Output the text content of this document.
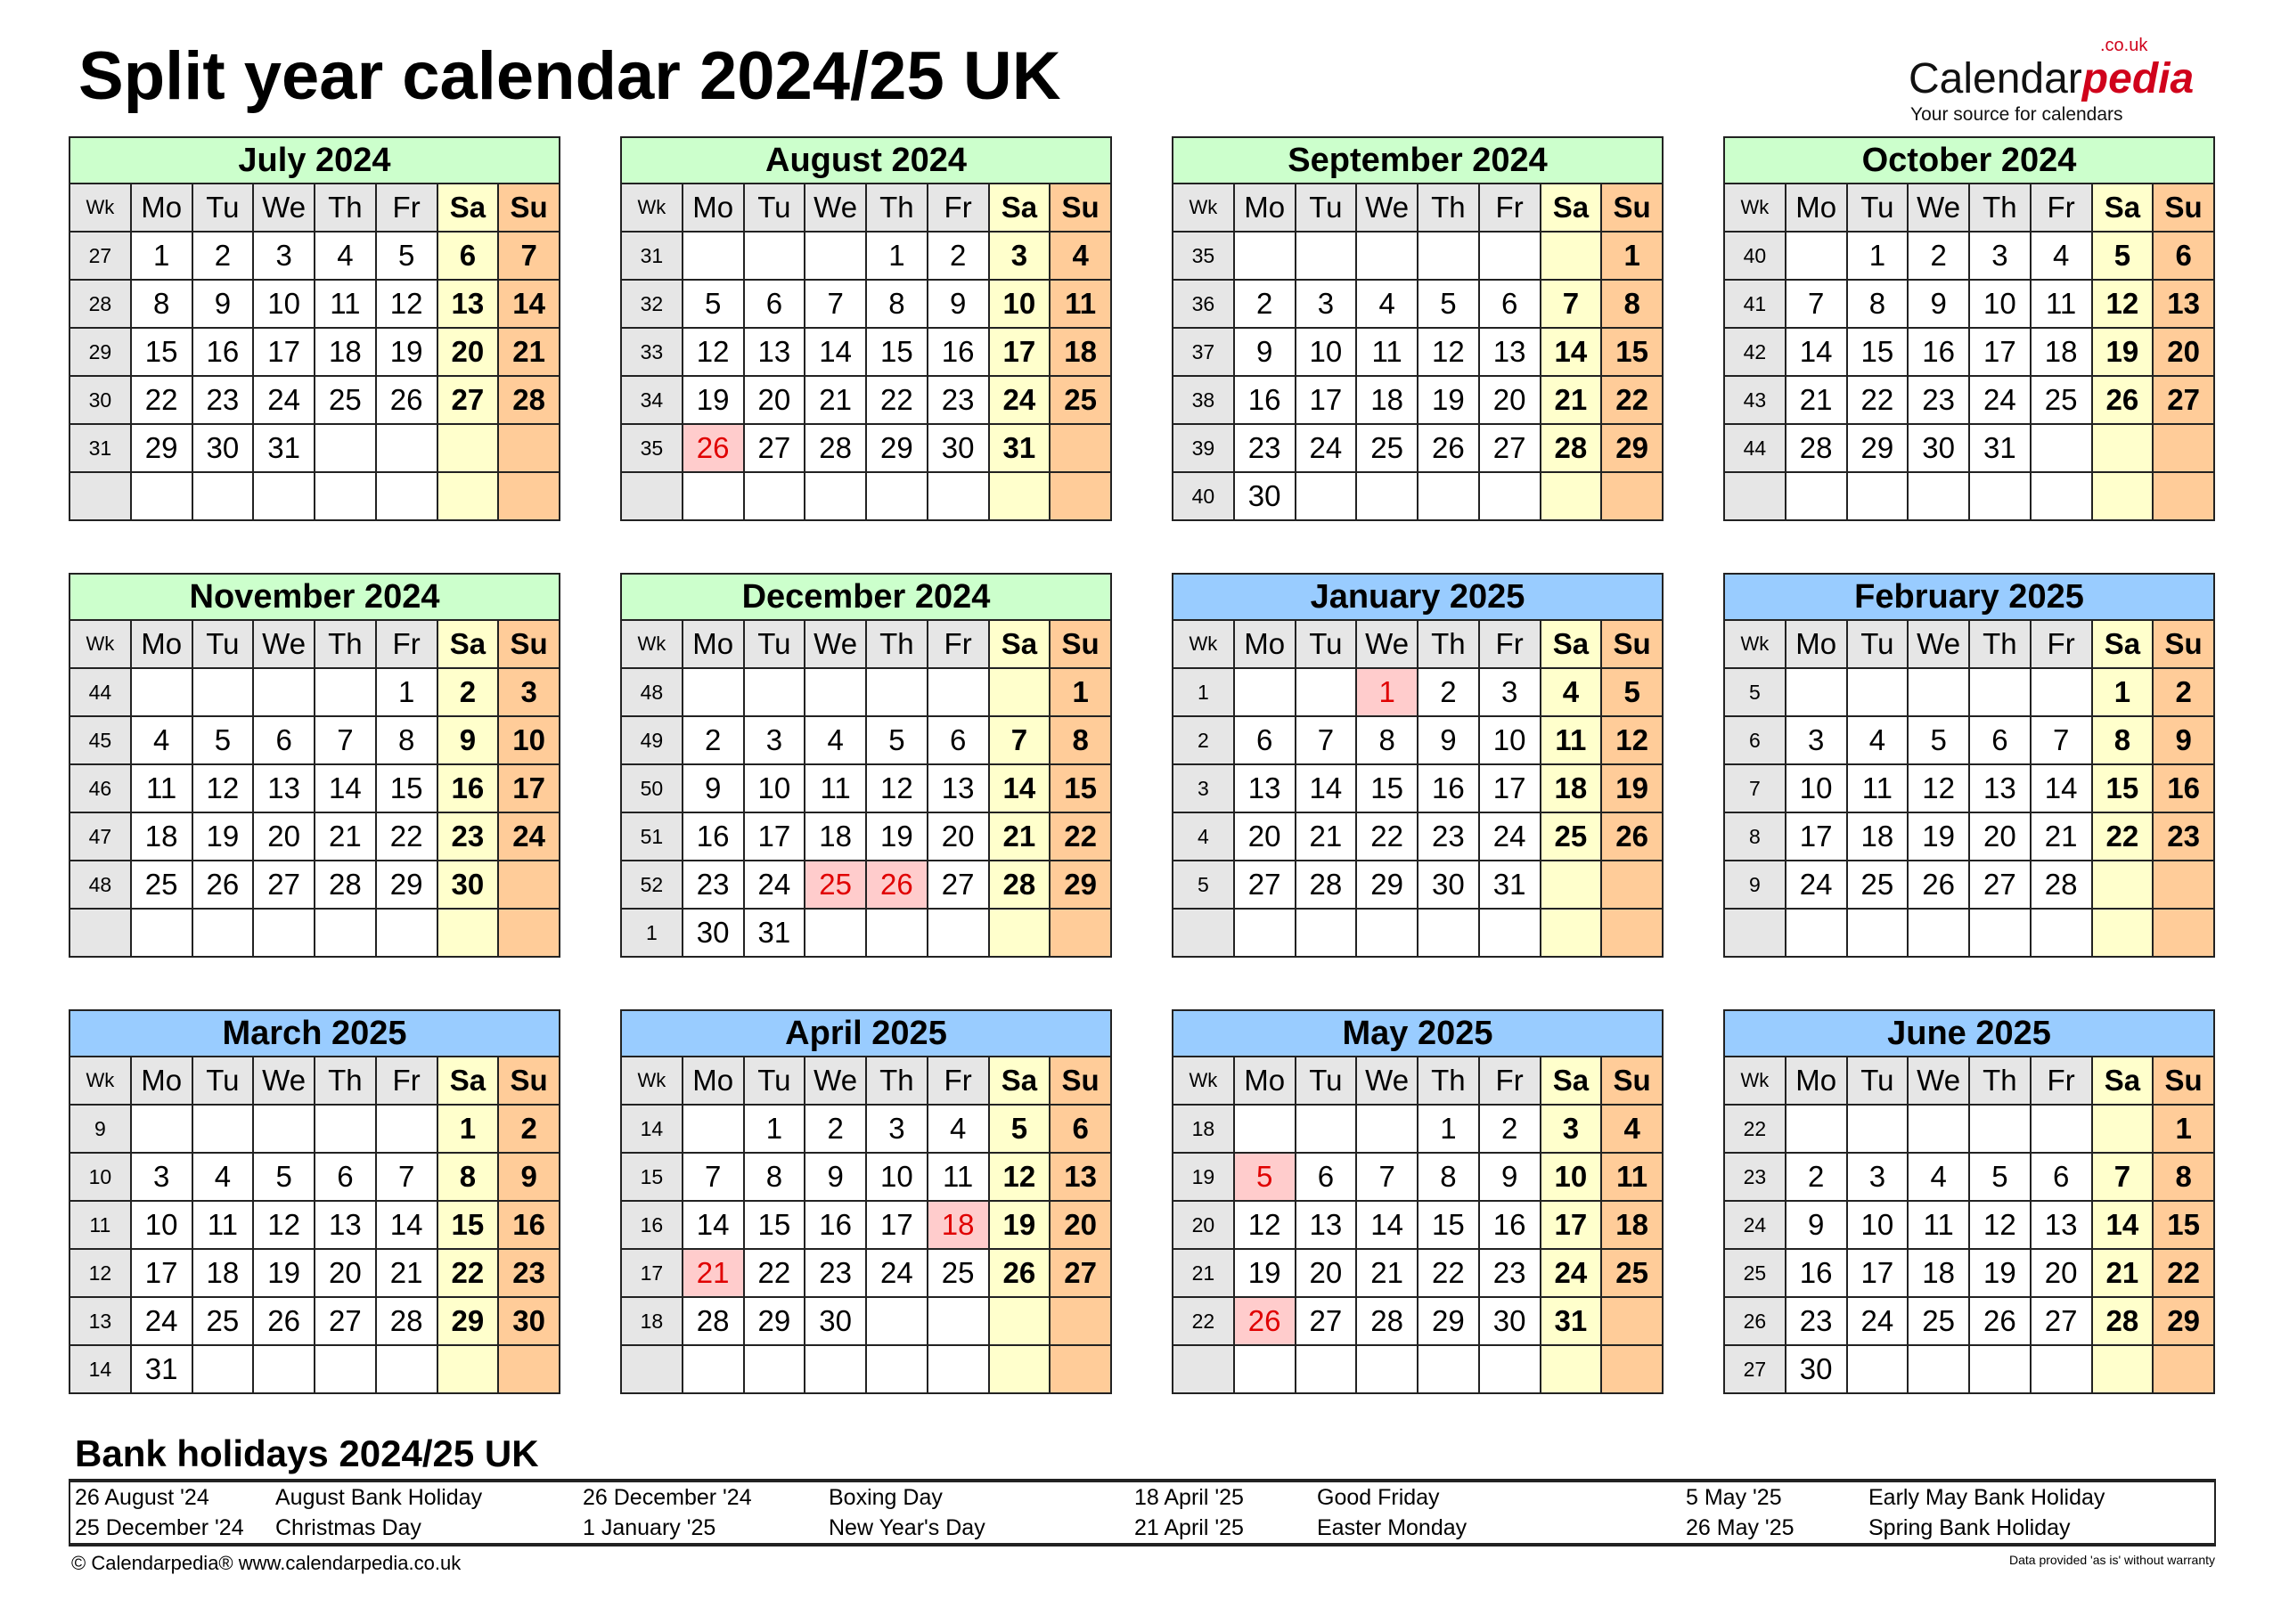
Split year calendar 2024/25 UK	.co.uk
Calendarpedia
Your source for calendars
July 2024							
Wk	Mo	Tu	We	Th	Fr	Sa	Su
27	1	2	3	4	5	6	7
28	8	9	10	11	12	13	14
29	15	16	17	18	19	20	21
30	22	23	24	25	26	27	28
31	29	30	31				

August 2024							
Wk	Mo	Tu	We	Th	Fr	Sa	Su
31				1	2	3	4
32	5	6	7	8	9	10	11
33	12	13	14	15	16	17	18
34	19	20	21	22	23	24	25
35	26	27	28	29	30	31	

September 2024							
Wk	Mo	Tu	We	Th	Fr	Sa	Su
35							1
36	2	3	4	5	6	7	8
37	9	10	11	12	13	14	15
38	16	17	18	19	20	21	22
39	23	24	25	26	27	28	29
40	30						
October 2024							
Wk	Mo	Tu	We	Th	Fr	Sa	Su
40		1	2	3	4	5	6
41	7	8	9	10	11	12	13
42	14	15	16	17	18	19	20
43	21	22	23	24	25	26	27
44	28	29	30	31			

November 2024							
Wk	Mo	Tu	We	Th	Fr	Sa	Su
44					1	2	3
45	4	5	6	7	8	9	10
46	11	12	13	14	15	16	17
47	18	19	20	21	22	23	24
48	25	26	27	28	29	30	

December 2024							
Wk	Mo	Tu	We	Th	Fr	Sa	Su
48							1
49	2	3	4	5	6	7	8
50	9	10	11	12	13	14	15
51	16	17	18	19	20	21	22
52	23	24	25	26	27	28	29
1	30	31					
January 2025							
Wk	Mo	Tu	We	Th	Fr	Sa	Su
1			1	2	3	4	5
2	6	7	8	9	10	11	12
3	13	14	15	16	17	18	19
4	20	21	22	23	24	25	26
5	27	28	29	30	31		

February 2025							
Wk	Mo	Tu	We	Th	Fr	Sa	Su
5						1	2
6	3	4	5	6	7	8	9
7	10	11	12	13	14	15	16
8	17	18	19	20	21	22	23
9	24	25	26	27	28		

March 2025							
Wk	Mo	Tu	We	Th	Fr	Sa	Su
9						1	2
10	3	4	5	6	7	8	9
11	10	11	12	13	14	15	16
12	17	18	19	20	21	22	23
13	24	25	26	27	28	29	30
14	31						
April 2025							
Wk	Mo	Tu	We	Th	Fr	Sa	Su
14		1	2	3	4	5	6
15	7	8	9	10	11	12	13
16	14	15	16	17	18	19	20
17	21	22	23	24	25	26	27
18	28	29	30				

May 2025							
Wk	Mo	Tu	We	Th	Fr	Sa	Su
18				1	2	3	4
19	5	6	7	8	9	10	11
20	12	13	14	15	16	17	18
21	19	20	21	22	23	24	25
22	26	27	28	29	30	31	

June 2025							
Wk	Mo	Tu	We	Th	Fr	Sa	Su
22							1
23	2	3	4	5	6	7	8
24	9	10	11	12	13	14	15
25	16	17	18	19	20	21	22
26	23	24	25	26	27	28	29
27	30						
Bank holidays 2024/25 UK
26 August '24	August Bank Holiday	26 December '24	Boxing Day	18 April '25	Good Friday	5 May '25	Early May Bank Holiday
25 December '24 Christmas Day	1 January '25	New Year's Day	21 April '25	Easter Monday	26 May '25	Spring Bank Holiday
© Calendarpedia® www.calendarpedia.co.uk	Data provided 'as is' without warranty
